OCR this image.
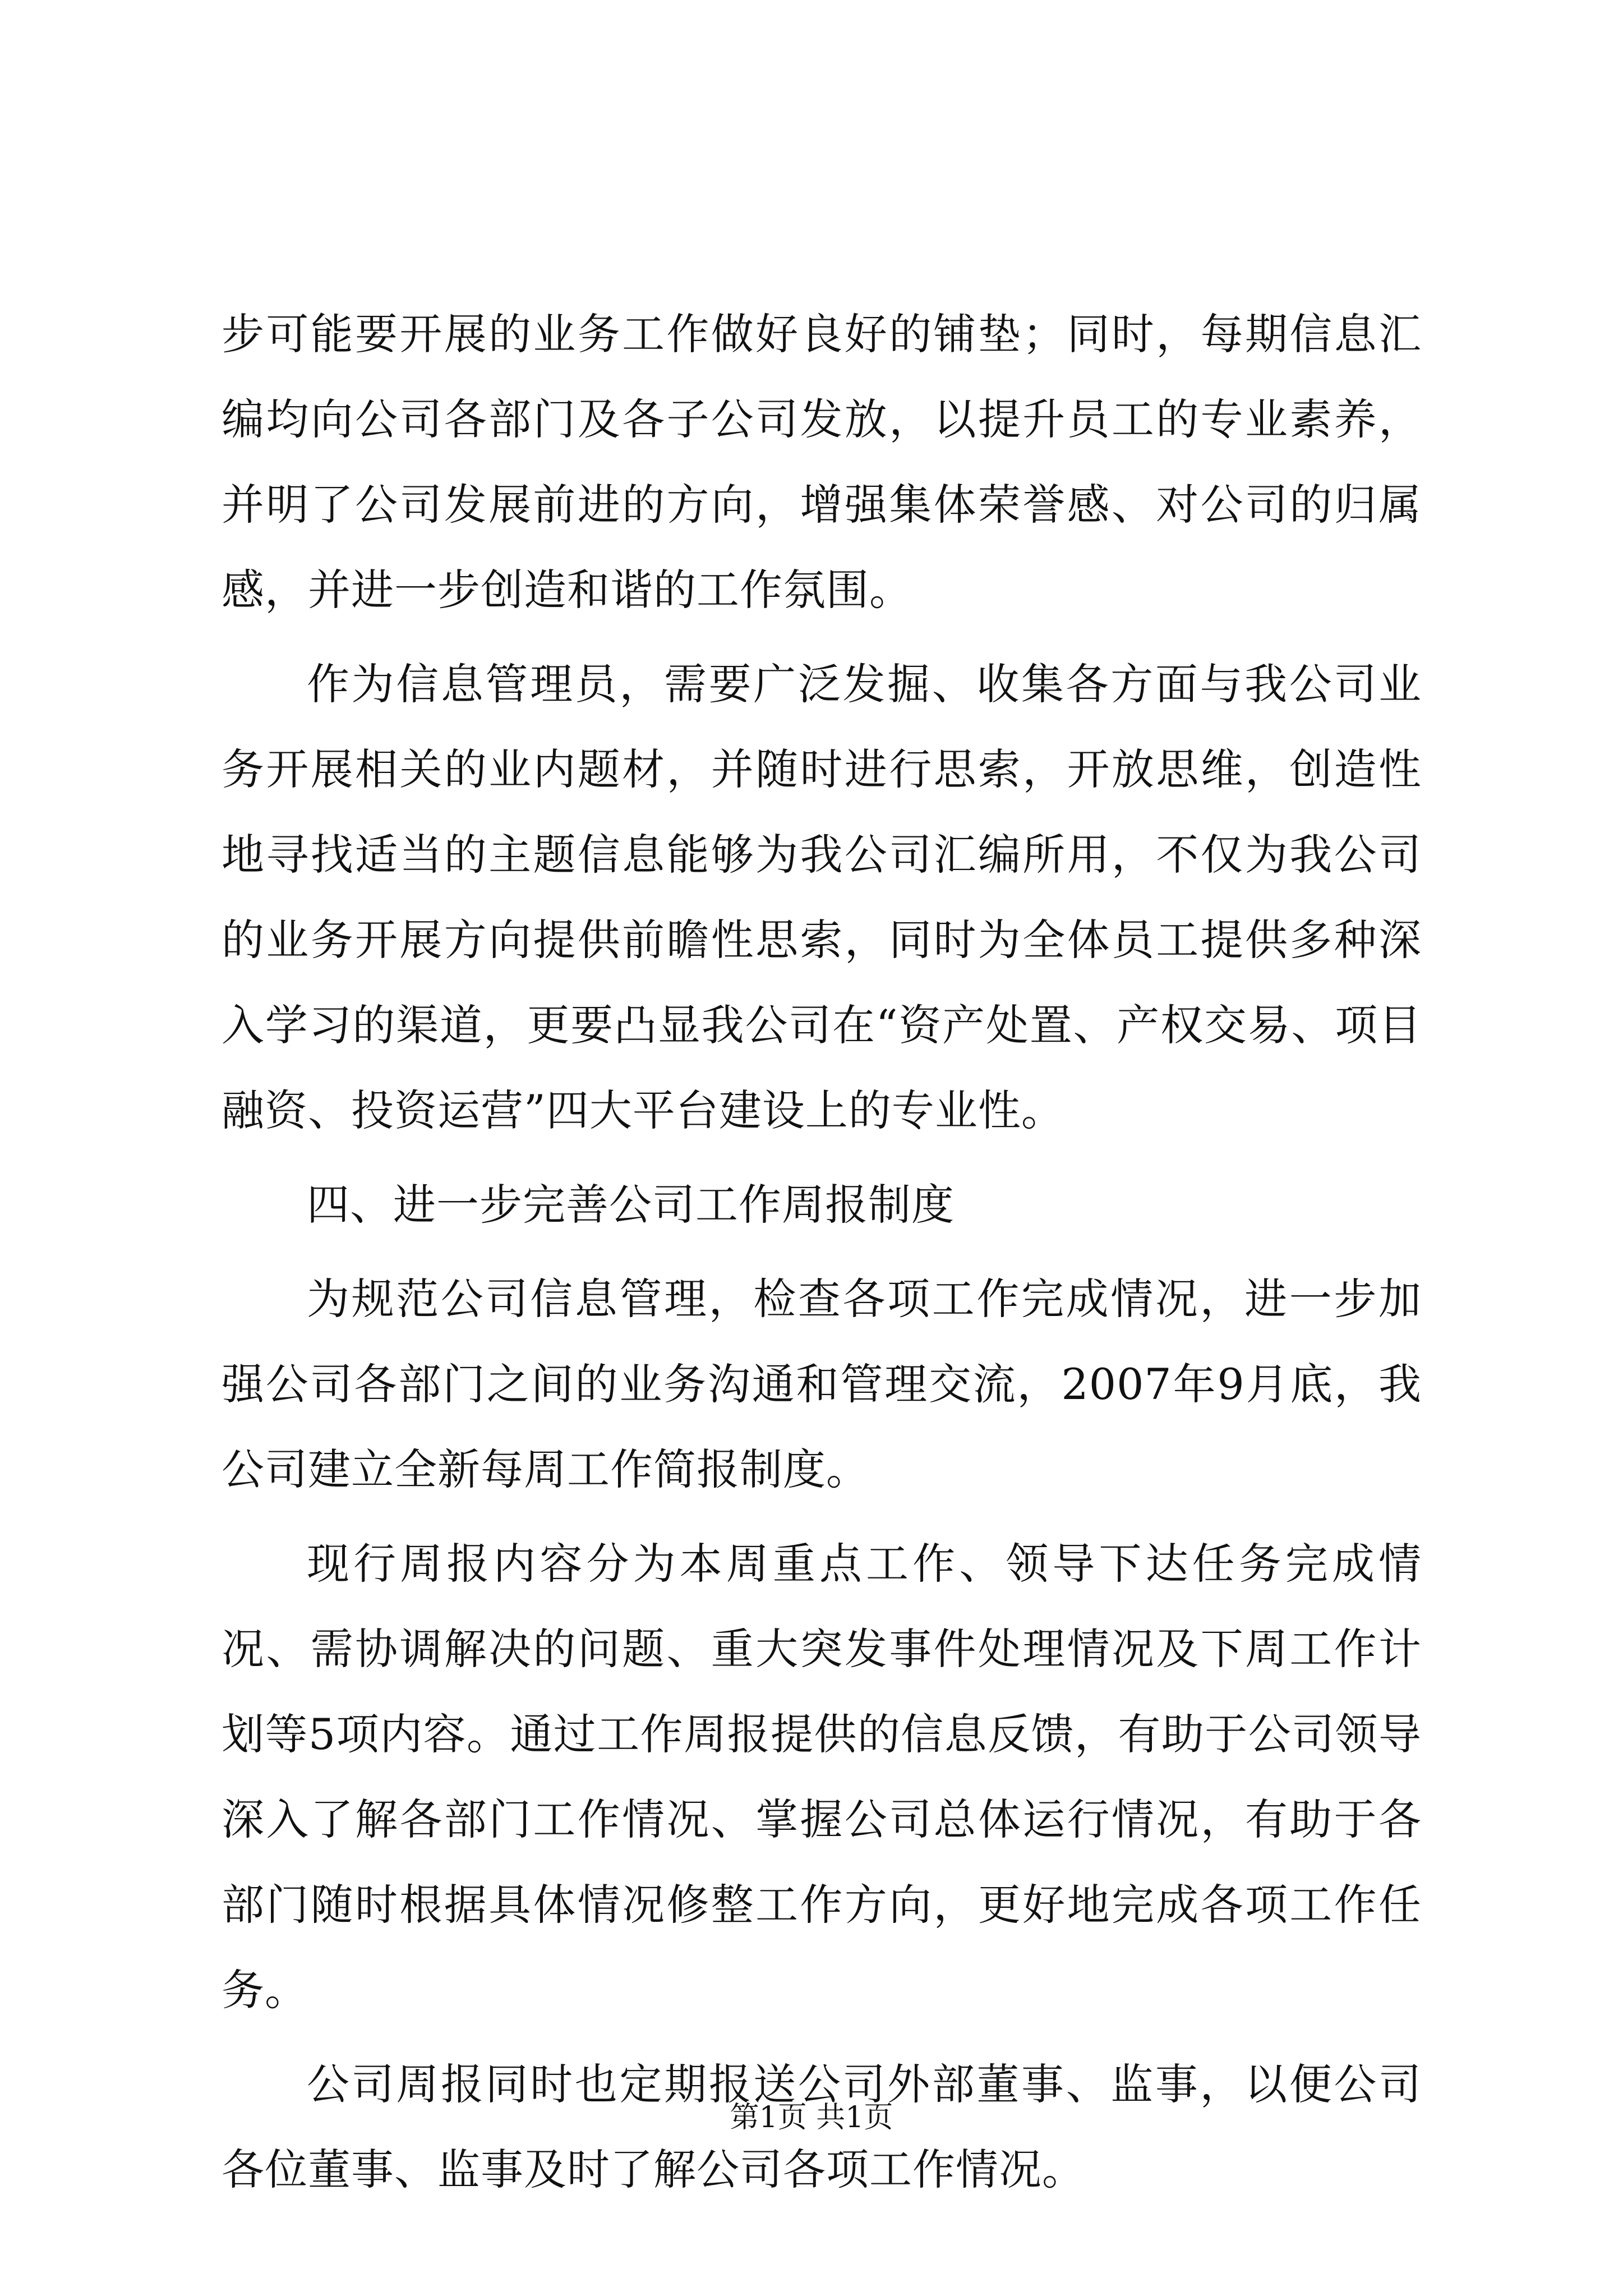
步可能要开展的业务工作做好良好的铺垫；同时，每期信息汇编均向公司各部门及各子公司发放，以提升员工的专业素养，并明了公司发展前进的方向，增强集体荣誉感、对公司的归属感，并进一步创造和谐的工作氛围。

作为信息管理员，需要广泛发掘、收集各方面与我公司业务开展相关的业内题材，并随时进行思索，开放思维，创造性地寻找适当的主题信息能够为我公司汇编所用，不仅为我公司的业务开展方向提供前瞻性思索，同时为全体员工提供多种深入学习的渠道，更要凸显我公司在“资产处置、产权交易、项目融资、投资运营”四大平台建设上的专业性。

四、进一步完善公司工作周报制度

为规范公司信息管理，检查各项工作完成情况，进一步加强公司各部门之间的业务沟通和管理交流，2007年9月底，我公司建立全新每周工作简报制度。

现行周报内容分为本周重点工作、领导下达任务完成情况、需协调解决的问题、重大突发事件处理情况及下周工作计划等5项内容。通过工作周报提供的信息反馈，有助于公司领导深入了解各部门工作情况、掌握公司总体运行情况，有助于各部门随时根据具体情况修整工作方向，更好地完成各项工作任务。

公司周报同时也定期报送公司外部董事、监事，以便公司各位董事、监事及时了解公司各项工作情况。

第1页 共1页
